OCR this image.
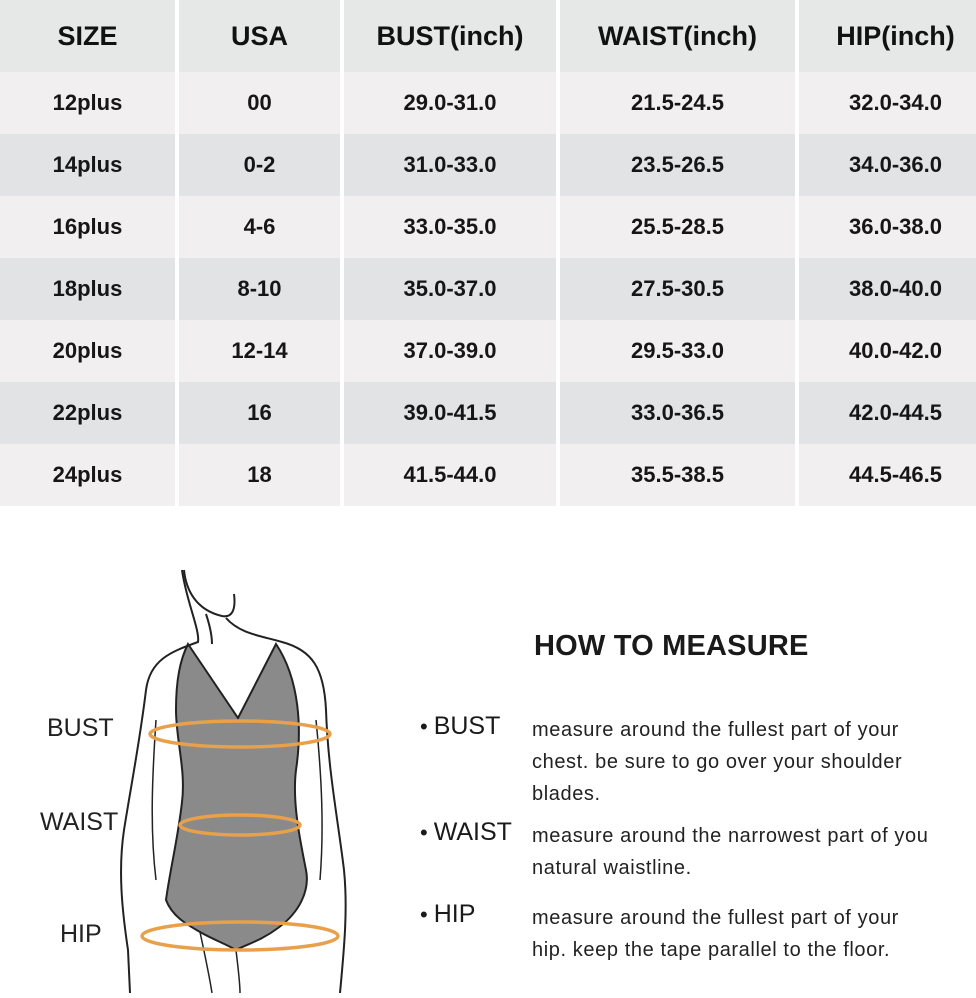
SIZE	USA	BUST(inch)	WAIST(inch)	HIP(inch)
12plus	00	29.0-31.0	21.5-24.5	32.0-34.0
14plus	0-2	31.0-33.0	23.5-26.5	34.0-36.0
16plus	4-6	33.0-35.0	25.5-28.5	36.0-38.0
18plus	8-10	35.0-37.0	27.5-30.5	38.0-40.0
20plus	12-14	37.0-39.0	29.5-33.0	40.0-42.0
22plus	16	39.0-41.5	33.0-36.5	42.0-44.5
24plus	18	41.5-44.0	35.5-38.5	44.5-46.5
BUST
WAIST
HIP
HOW TO MEASURE
• BUST measure around the fullest part of your
chest. be sure to go over your shoulder
blades.
• WAIST measure around the narrowest part of you
natural waistline.
• HIP	measure around the fullest part of your
hip. keep the tape parallel to the floor.
